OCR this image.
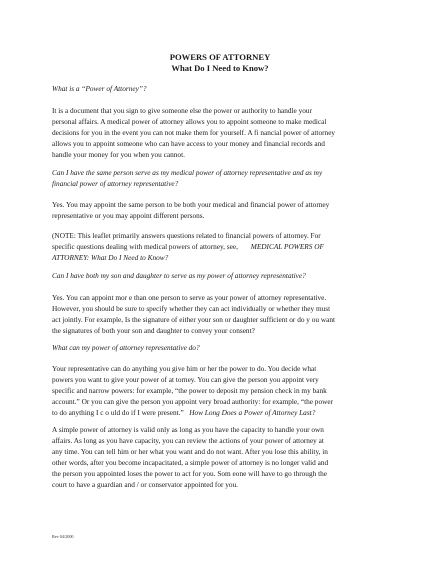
POWERS OF ATTORNEY
What Do I Need to Know?
What is a “Power of Attorney”?
It is a document that you sign to give someone else the power or authority to handle your
personal affairs. A medical power of attorney allows you to appoint someone to make medical
decisions for you in the event you can not make them for yourself. A fi nancial power of attorney
allows you to appoint someone who can have access to your money and financial records and
handle your money for you when you cannot.
Can I have the same person serve as my medical power of attorney representative and as my
financial power of attorney representative?
Yes. You may appoint the same person to be both your medical and financial power of attorney
representative or you may appoint different persons.
(NOTE: This leaflet primarily answers questions related to financial powers of attorney. For
specific questions dealing with medical powers of attorney, see, MEDICAL POWERS OF
ATTORNEY: What Do I Need to Know?
Can I have both my son and daughter to serve as my power of attorney representative?
Yes. You can appoint mor e than one person to serve as your power of attorney representative.
However, you should be sure to specify whether they can act individually or whether they must
act jointly. For example, Is the signature of either your son or daughter sufficient or do y ou want
the signatures of both your son and daughter to convey your consent?
What can my power of attorney representative do?
Your representative can do anything you give him or her the power to do. You decide what
powers you want to give your power of at torney. You can give the person you appoint very
specific and narrow powers: for example, “the power to deposit my pension check in my bank
account.” Or you can give the person you appoint very broad authority: for example, “the power
to do anything I c o uld do if I were present.” How Long Does a Power of Attorney Last?
A simple power of attorney is valid only as long as you have the capacity to handle your own
affairs. As long as you have capacity, you can review the actions of your power of attorney at
any time. You can tell him or her what you want and do not want. After you lose this ability, in
other words, after you become incapacitated, a simple power of attorney is no longer valid and
the person you appointed loses the power to act for you. Som eone will have to go through the
court to have a guardian and / or conservator appointed for you.
Rev 04/2000
